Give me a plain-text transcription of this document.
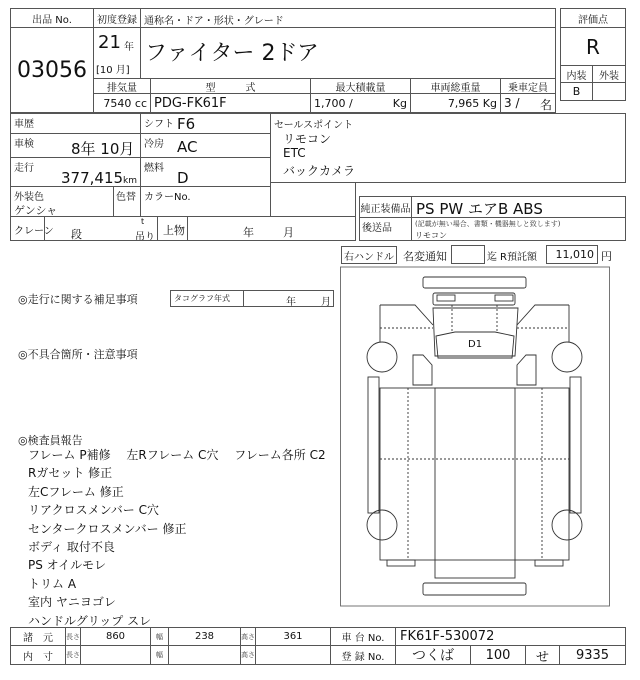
出品 No.
03056
初度登録 通称名・ドア・形状・グレード
21 年
[10 月]
ファイター 2ドア
排気量	型　　　式	最大積載量	車両総重量	乗車定員
7540 cc PDG-FK61F	1,700 /	Kg	7,965 Kg 3 / 名
評価点
R
内装	外装
B
車歴	シフト F6
車検 8年 10月 冷房 AC
走行
377,415 km
燃料
D
外装色
ゲンシャ
色替 カラーNo.
クレーン 段
t
吊り
上物	年	月
セールスポイント
リモコン
ETC
バックカメラ
純正装備品 PS PW エアB ABS
後送品	(記載が無い場合、書類・機器無しと致します)
リモコン
右ハンドル 名変通知	迄 R預託額	11,010 円
◎走行に関する補足事項	タコグラフ年式	年	月
◎不具合箇所・注意事項
◎検査員報告
フレーム P補修　 左Rフレーム C穴　 フレーム各所 C2
Rガセット 修正
左Cフレーム 修正
リアクロスメンバー C穴
センタークロスメンバー 修正
ボディ 取付不良
PS オイルモレ
トリム A
室内 ヤニヨゴレ
ハンドルグリップ スレ
D1
諸　元	長さ	860	幅	238	高さ	361	車 台 No.	FK61F-530072
内　寸	長さ	幅	高さ	登 録 No.	つくば	100	せ	9335
